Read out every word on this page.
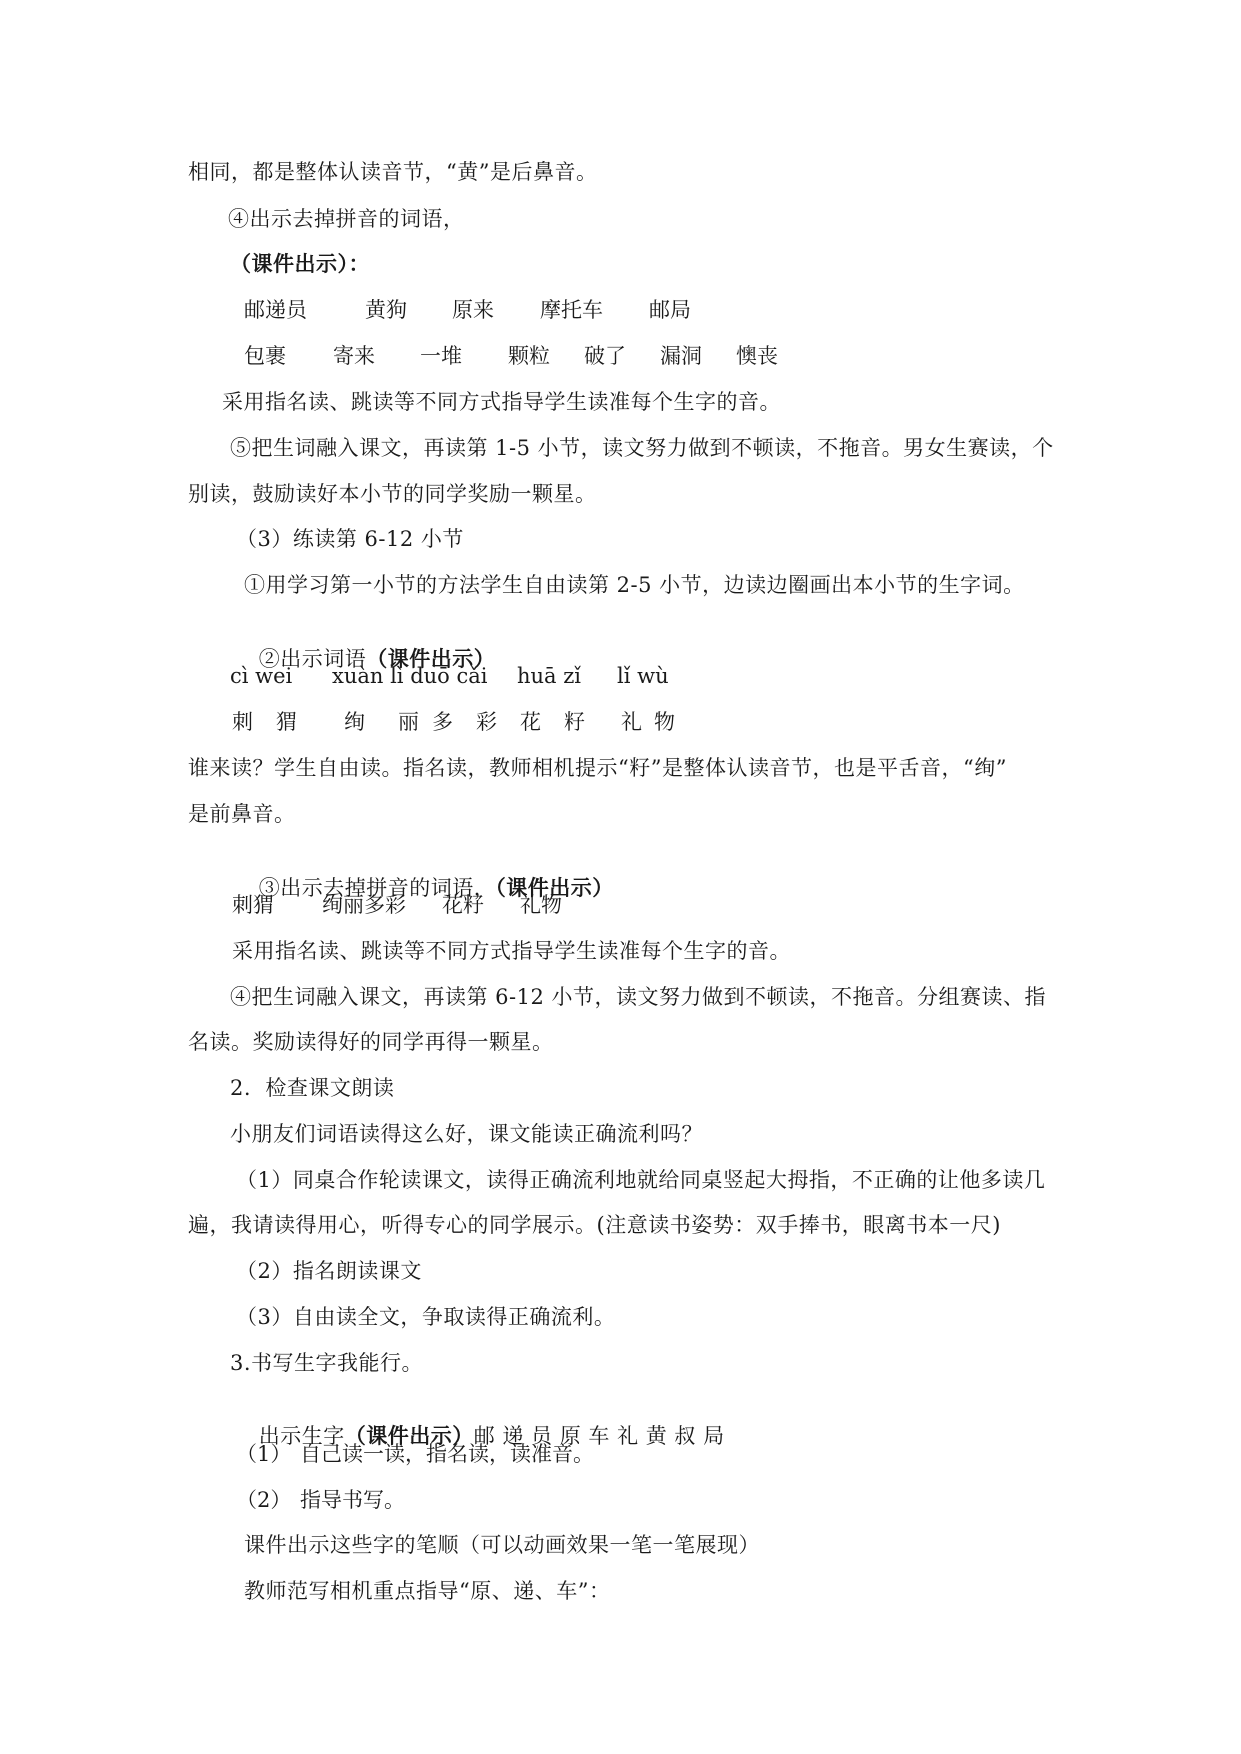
相同，都是整体认读音节，“黄”是后鼻音。
④出示去掉拼音的词语，
（课件出示）：
邮递员	黄狗 原来 摩托车 邮局
包裹 寄来 一堆 颗粒 破了 漏洞 懊丧
采用指名读、跳读等不同方式指导学生读准每个生字的音。
⑤把生词融入课文，再读第 1-5 小节，读文努力做到不顿读，不拖音。男女生赛读，个
别读，鼓励读好本小节的同学奖励一颗星。
（3）练读第 6-12 小节
①用学习第一小节的方法学生自由读第 2-5 小节，边读边圈画出本小节的生字词。

②出示词语（课件出示）

cì wei xuàn lì duō cǎi huā zǐ lǐ wù
刺 猬 绚 丽 多 彩 花 籽 礼 物
谁来读？学生自由读。指名读，教师相机提示“籽”是整体认读音节，也是平舌音，“绚”
是前鼻音。

③出示去掉拼音的词语，（课件出示）

刺猬 绚丽多彩 花籽 礼物
采用指名读、跳读等不同方式指导学生读准每个生字的音。
④把生词融入课文，再读第 6-12 小节，读文努力做到不顿读，不拖音。分组赛读、指
名读。奖励读得好的同学再得一颗星。
2.  检查课文朗读
小朋友们词语读得这么好，课文能读正确流利吗？
（1）同桌合作轮读课文，读得正确流利地就给同桌竖起大拇指，不正确的让他多读几
遍，我请读得用心，听得专心的同学展示。(注意读书姿势：双手捧书，眼离书本一尺)
（2）指名朗读课文
（3）自由读全文，争取读得正确流利。
3.书写生字我能行。

出示生字（课件出示）邮 递 员 原 车 礼 黄 叔 局

（1） 自己读一读，指名读，读准音。
（2） 指导书写。
课件出示这些字的笔顺（可以动画效果一笔一笔展现）
教师范写相机重点指导“原、递、车”：
